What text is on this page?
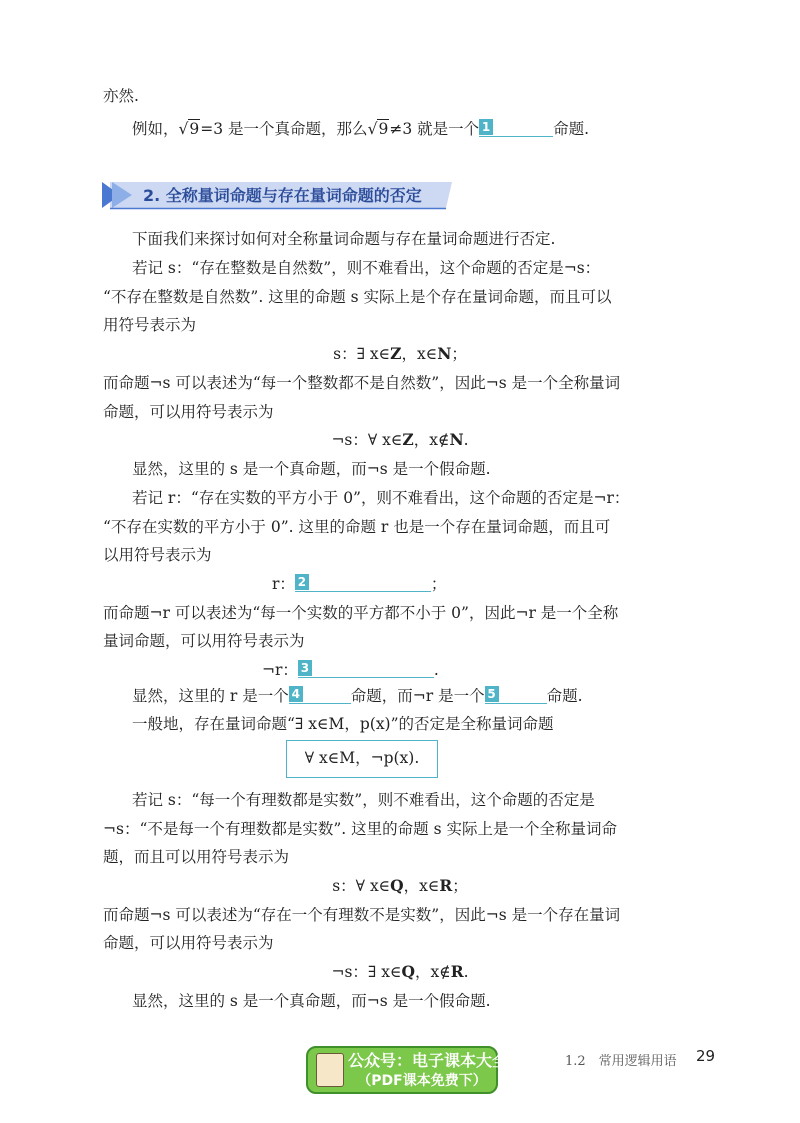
亦然.
例如，√9=3 是一个真命题，那么√9≠3 就是一个 1	命题.
2. 全称量词命题与存在量词命题的否定
下面我们来探讨如何对全称量词命题与存在量词命题进行否定.
若记 s：“存在整数是自然数”，则不难看出，这个命题的否定是¬s：
“不存在整数是自然数”. 这里的命题 s 实际上是个存在量词命题，而且可以
用符号表示为
s：∃ x∈Z，x∈N；
而命题¬s 可以表述为“每一个整数都不是自然数”，因此¬s 是一个全称量词
命题，可以用符号表示为
¬s：∀ x∈Z，x∉N.
显然，这里的 s 是一个真命题，而¬s 是一个假命题.
若记 r：“存在实数的平方小于 0”，则不难看出，这个命题的否定是¬r：
“不存在实数的平方小于 0”. 这里的命题 r 也是一个存在量词命题，而且可
以用符号表示为
r： 2	；
而命题¬r 可以表述为“每一个实数的平方都不小于 0”，因此¬r 是一个全称
量词命题，可以用符号表示为
¬r： 3	.
显然，这里的 r 是一个 4	命题，而¬r 是一个 5	命题.
一般地，存在量词命题“∃ x∈M，p(x)”的否定是全称量词命题
∀ x∈M，¬p(x).
若记 s：“每一个有理数都是实数”，则不难看出，这个命题的否定是
¬s：“不是每一个有理数都是实数”. 这里的命题 s 实际上是一个全称量词命
题，而且可以用符号表示为
s：∀ x∈Q，x∈R；
而命题¬s 可以表述为“存在一个有理数不是实数”，因此¬s 是一个存在量词
命题，可以用符号表示为
¬s：∃ x∈Q，x∉R.
显然，这里的 s 是一个真命题，而¬s 是一个假命题.
公众号：电子课本大全
（PDF课本免费下）
1.2　常用逻辑用语 29
